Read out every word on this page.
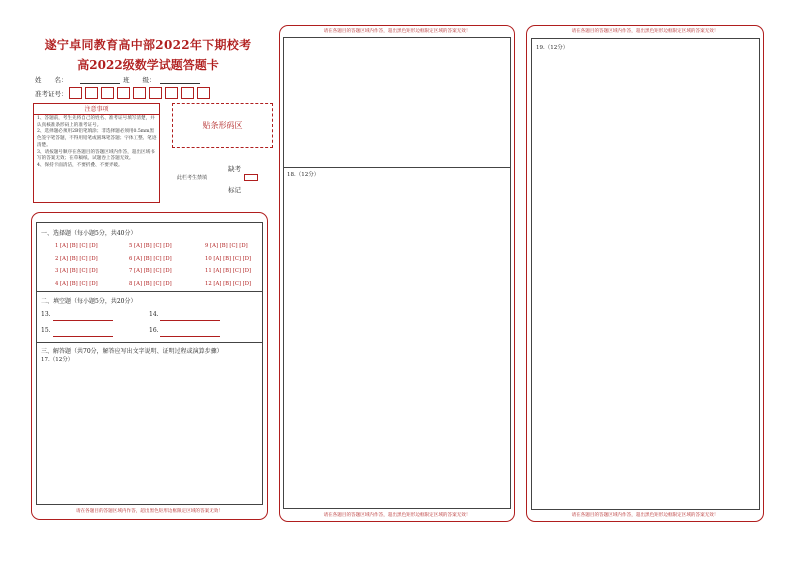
遂宁卓同教育高中部2022年下期校考
高2022级数学试题答题卡
姓　　名：	班　　级：
准考证号：
注意事项
1、答题前，考生先将自己的姓名、准考证号填写清楚，并认真核准条形码上的准考证号。
2、选择题必须用2B铅笔填涂；非选择题必须用0.5mm黑色签字笔答题，不得用铅笔或圆珠笔答题；字体工整、笔迹清楚。
3、请按题号顺序在各题目的答题区域内作答，超出区域书写的答案无效；在草稿纸、试题卷上答题无效。
4、保持卡面清洁，不要折叠、不要弄破。
贴条形码区
缺考
此栏考生禁填
标记
一、选择题（每小题5分，共40分）
1 [A] [B] [C] [D]
2 [A] [B] [C] [D]
3 [A] [B] [C] [D]
4 [A] [B] [C] [D]
5 [A] [B] [C] [D]
6 [A] [B] [C] [D]
7 [A] [B] [C] [D]
8 [A] [B] [C] [D]
9 [A] [B] [C] [D]
10 [A] [B] [C] [D]
11 [A] [B] [C] [D]
12 [A] [B] [C] [D]
二、填空题（每小题5分，共20分）
13.	14.
15.	16.
三、解答题（共70分，解答应写出文字说明、证明过程或演算步骤）
17.（12分）
请在各题目的答题区域内作答，超出黑色矩形边框限定区域的答案无效！
请在各题目的答题区域内作答，超出黑色矩形边框限定区域的答案无效！
18.（12分）
请在各题目的答题区域内作答，超出黑色矩形边框限定区域的答案无效！
请在各题目的答题区域内作答，超出黑色矩形边框限定区域的答案无效！
19.（12分）
请在各题目的答题区域内作答，超出黑色矩形边框限定区域的答案无效！
